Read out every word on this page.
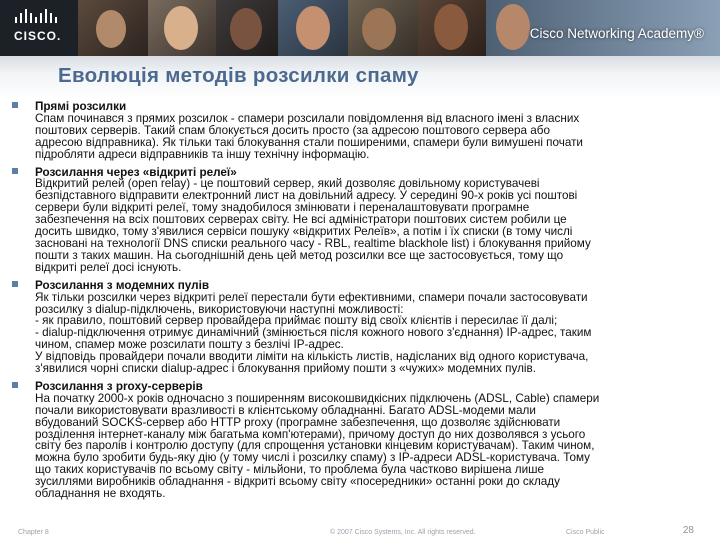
CISCO.	Cisco Networking Academy®
Еволюція методів розсилки спаму
Прямі розсилки
Спам починався з прямих розсилок - спамери розсилали повідомлення від власного імені з власних
поштових серверів. Такий спам блокується досить просто (за адресою поштового сервера або
адресою відправника). Як тільки такі блокування стали поширеними, спамери були вимушені почати
підробляти адреси відправників та іншу технічну інформацію.
Розсилання через «відкриті релеї»
Відкритий релей (open relay) - це поштовий сервер, який дозволяє довільному користувачеві
безпідставного відправити електронний лист на довільний адресу. У середині 90-х років усі поштові
сервери були відкриті релеї, тому знадобилося змінювати і переналаштовувати програмне
забезпечення на всіх поштових серверах світу. Не всі адміністратори поштових систем робили це
досить швидко, тому з'явилися сервіси пошуку «відкритих Релеїв», а потім і їх списки (в тому числі
засновані на технології DNS списки реального часу - RBL, realtime blackhole list) і блокування прийому
пошти з таких машин. На сьогоднішній день цей метод розсилки все ще застосовується, тому що
відкриті релеї досі існують.
Розсилання з модемних пулів
Як тільки розсилки через відкриті релеї перестали бути ефективними, спамери почали застосовувати
розсилку з dialup-підключень, використовуючи наступні можливості:
- як правило, поштовий сервер провайдера приймає пошту від своїх клієнтів і пересилає її далі;
- dialup-підключення отримує динамічний (змінюється після кожного нового з'єднання) IP-адрес, таким
чином, спамер може розсилати пошту з безлічі IP-адрес.
У відповідь провайдери почали вводити ліміти на кількість листів, надісланих від одного користувача,
з'явилися чорні списки dialup-адрес і блокування прийому пошти з «чужих» модемних пулів.
Розсилання з proxy-серверів
На початку 2000-х років одночасно з поширенням високошвидкісних підключень (ADSL, Cable) спамери
почали використовувати вразливості в клієнтському обладнанні. Багато ADSL-модеми мали
вбудований SOCKS-сервер або HTTP proxy (програмне забезпечення, що дозволяє здійснювати
розділення інтернет-каналу між багатьма комп'ютерами), причому доступ до них дозволявся з усього
світу без паролів і контролю доступу (для спрощення установки кінцевим користувачам). Таким чином,
можна було зробити будь-яку дію (у тому числі і розсилку спаму) з IP-адреси ADSL-користувача. Тому
що таких користувачів по всьому світу - мільйони, то проблема була частково вирішена лише
зусиллями виробників обладнання - відкриті всьому світу «посередники» останні роки до складу
обладнання не входять.
Chapter 8	© 2007 Cisco Systems, Inc. All rights reserved.	Cisco Public	28
